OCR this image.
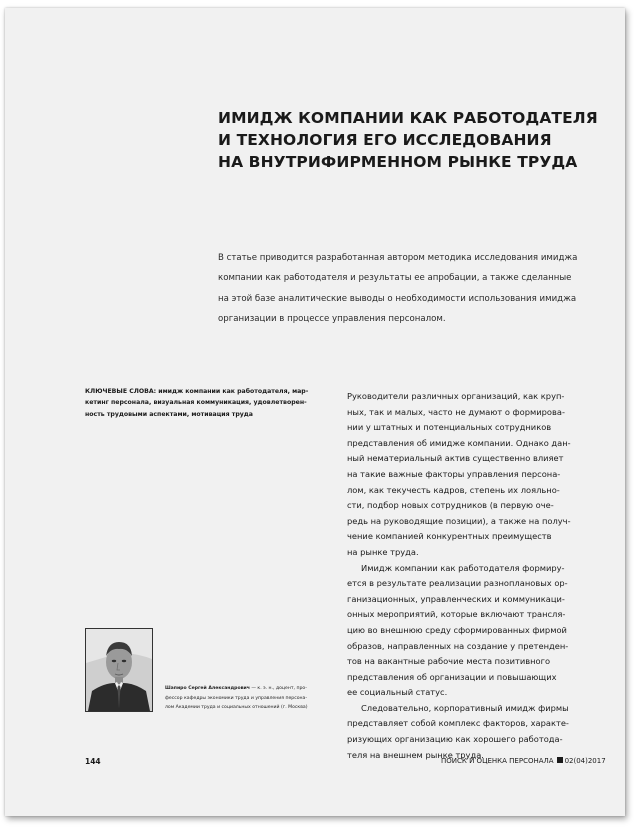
ИМИДЖ КОМПАНИИ КАК РАБОТОДАТЕЛЯ
И ТЕХНОЛОГИЯ ЕГО ИССЛЕДОВАНИЯ
НА ВНУТРИФИРМЕННОМ РЫНКЕ ТРУДА

В статье приводится разработанная автором методика исследования имиджа
компании как работодателя и результаты ее апробации, а также сделанные
на этой базе аналитические выводы о необходимости использования имиджа
организации в процессе управления персоналом.

КЛЮЧЕВЫЕ СЛОВА: имидж компании как работодателя, мар-
кетинг персонала, визуальная коммуникация, удовлетворен-
ность трудовыми аспектами, мотивация труда

Руководители различных организаций, как круп-
ных, так и малых, часто не думают о формирова-
нии у штатных и потенциальных сотрудников
представления об имидже компании. Однако дан-
ный нематериальный актив существенно влияет
на такие важные факторы управления персона-
лом, как текучесть кадров, степень их лояльно-
сти, подбор новых сотрудников (в первую оче-
редь на руководящие позиции), а также на получ-
чение компанией конкурентных преимуществ
на рынке труда.
Имидж компании как работодателя формиру-
ется в результате реализации разноплановых ор-
ганизационных, управленческих и коммуникаци-
онных мероприятий, которые включают трансля-
цию во внешнюю среду сформированных фирмой
образов, направленных на создание у претенден-
тов на вакантные рабочие места позитивного
представления об организации и повышающих
ее социальный статус.
Следовательно, корпоративный имидж фирмы
представляет собой комплекс факторов, характе-
ризующих организацию как хорошего работода-
теля на внешнем рынке труда.

Шапиро Сергей Александрович — к. э. н., доцент, про-
фессор кафедры экономики труда и управления персона-
лом Академии труда и социальных отношений (г. Москва)

144	ПОИСК И ОЦЕНКА ПЕРСОНАЛА 02(04)2017
